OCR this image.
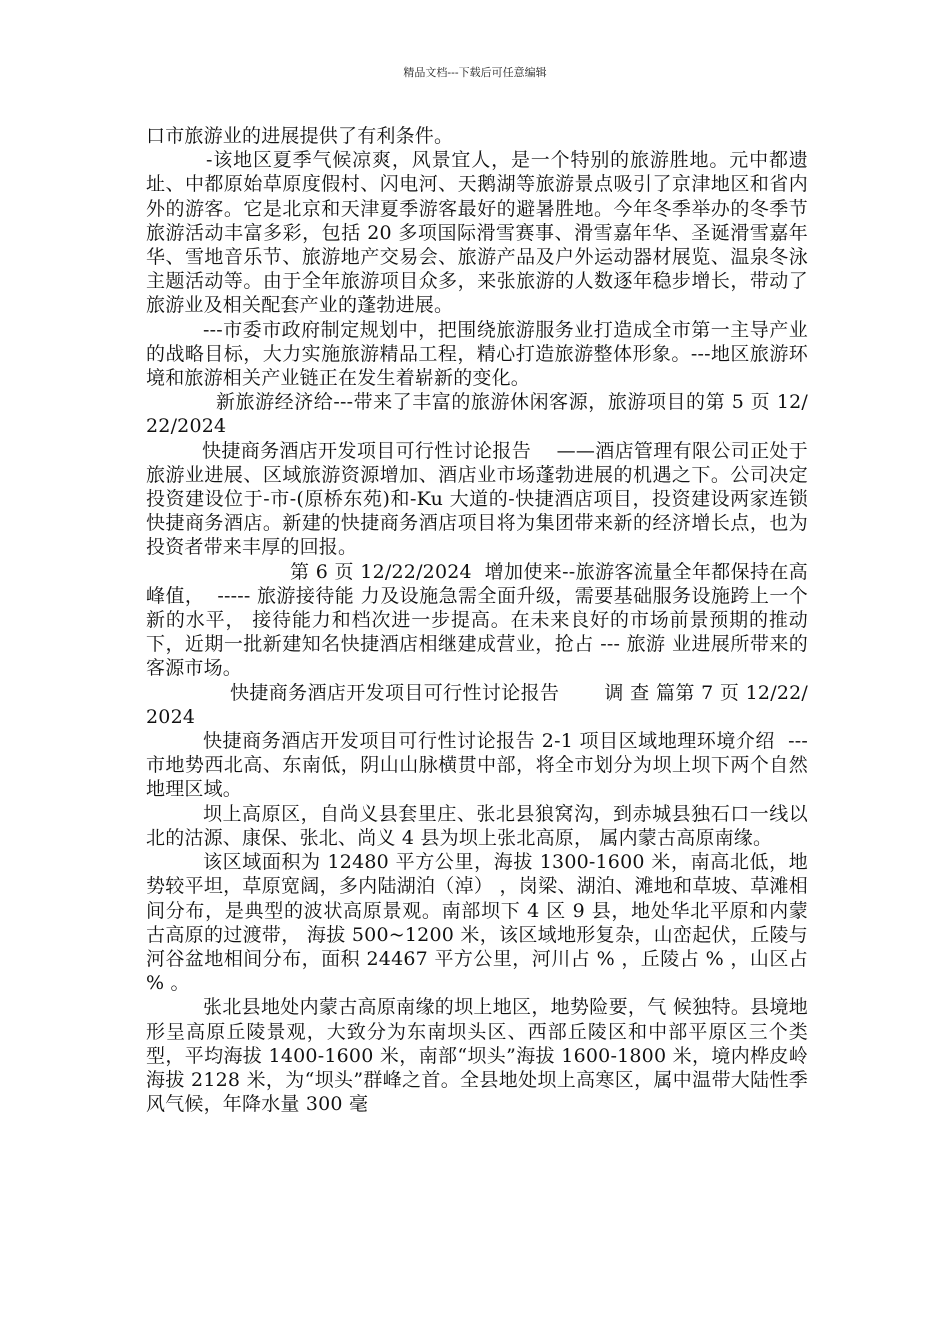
精品文档---下载后可任意编辑

口市旅游业的进展提供了有利条件。

-该地区夏季气候凉爽，风景宜人，是一个特别的旅游胜地。元中都遗址、中都原始草原度假村、闪电河、天鹅湖等旅游景点吸引了京津地区和省内外的游客。它是北京和天津夏季游客最好的避暑胜地。今年冬季举办的冬季节旅游活动丰富多彩，包括 20 多项国际滑雪赛事、滑雪嘉年华、圣诞滑雪嘉年华、雪地音乐节、旅游地产交易会、旅游产品及户外运动器材展览、温泉冬泳主题活动等。由于全年旅游项目众多，来张旅游的人数逐年稳步增长，带动了旅游业及相关配套产业的蓬勃进展。

---市委市政府制定规划中，把围绕旅游服务业打造成全市第一主导产业的战略目标，大力实施旅游精品工程，精心打造旅游整体形象。---地区旅游环境和旅游相关产业链正在发生着崭新的变化。

新旅游经济给---带来了丰富的旅游休闲客源，旅游项目的第 5 页 12/22/2024

快捷商务酒店开发项目可行性讨论报告    ——酒店管理有限公司正处于旅游业进展、区域旅游资源增加、酒店业市场蓬勃进展的机遇之下。公司决定投资建设位于-市-(原桥东苑)和-Ku 大道的-快捷酒店项目，投资建设两家连锁快捷商务酒店。新建的快捷商务酒店项目将为集团带来新的经济增长点，也为投资者带来丰厚的回报。

第 6 页 12/22/2024  增加使来--旅游客流量全年都保持在高峰值，  ----- 旅游接待能 力及设施急需全面升级，需要基础服务设施跨上一个新的水平， 接待能力和档次进一步提高。在未来良好的市场前景预期的推动下，近期一批新建知名快捷酒店相继建成营业，抢占 --- 旅游 业进展所带来的客源市场。

快捷商务酒店开发项目可行性讨论报告       调 查 篇第 7 页 12/22/2024

快捷商务酒店开发项目可行性讨论报告 2-1 项目区域地理环境介绍  --- 市地势西北高、东南低，阴山山脉横贯中部，将全市划分为坝上坝下两个自然地理区域。

坝上高原区，自尚义县套里庄、张北县狼窝沟，到赤城县独石口一线以北的沽源、康保、张北、尚义 4 县为坝上张北高原， 属内蒙古高原南缘。

该区域面积为 12480 平方公里，海拔 1300-1600 米，南高北低，地势较平坦，草原宽阔，多内陆湖泊（淖） ，岗梁、湖泊、滩地和草坡、草滩相间分布，是典型的波状高原景观。南部坝下 4 区 9 县，地处华北平原和内蒙古高原的过渡带， 海拔 500~1200 米，该区域地形复杂，山峦起伏，丘陵与河谷盆地相间分布，面积 24467 平方公里，河川占 % ，丘陵占 % ，山区占 % 。

张北县地处内蒙古高原南缘的坝上地区，地势险要，气 候独特。县境地形呈高原丘陵景观，大致分为东南坝头区、西部丘陵区和中部平原区三个类型，平均海拔 1400-1600 米，南部“坝头”海拔 1600-1800 米，境内桦皮岭海拔 2128 米，为“坝头”群峰之首。全县地处坝上高寒区，属中温带大陆性季风气候，年降水量 300 毫
